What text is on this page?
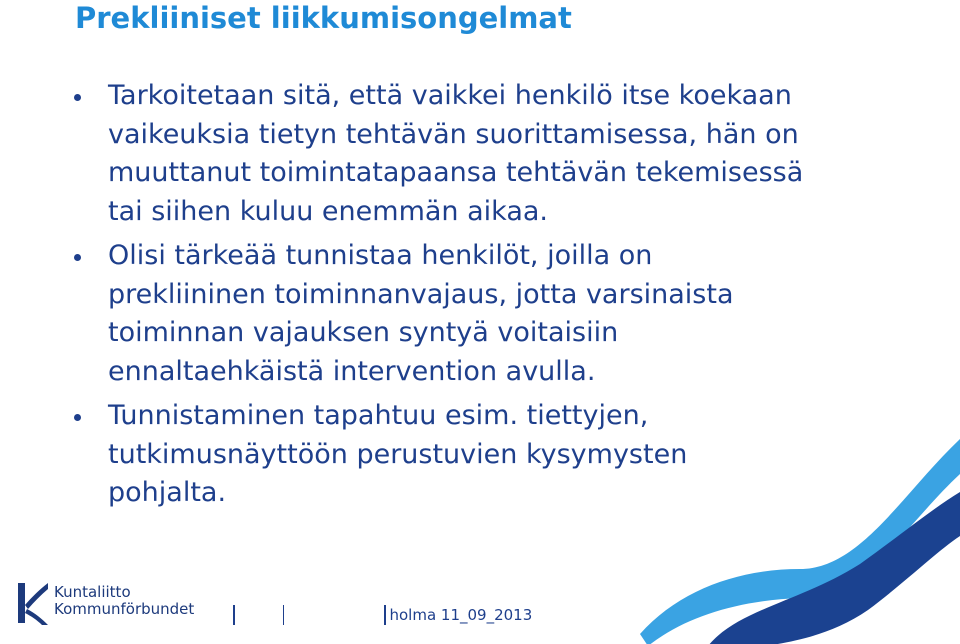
Prekliiniset liikkumisongelmat
Tarkoitetaan sitä, että vaikkei henkilö itse koekaan
vaikeuksia tietyn tehtävän suorittamisessa, hän on
muuttanut toimintatapaansa tehtävän tekemisessä
tai siihen kuluu enemmän aikaa.
Olisi tärkeää tunnistaa henkilöt, joilla on
prekliininen toiminnanvajaus, jotta varsinaista
toiminnan vajauksen syntyä voitaisiin
ennaltaehkäistä intervention avulla.
Tunnistaminen tapahtuu esim. tiettyjen,
tutkimusnäyttöön perustuvien kysymysten
pohjalta.
Kuntaliitto
Kommunförbundet	holma 11_09_2013
